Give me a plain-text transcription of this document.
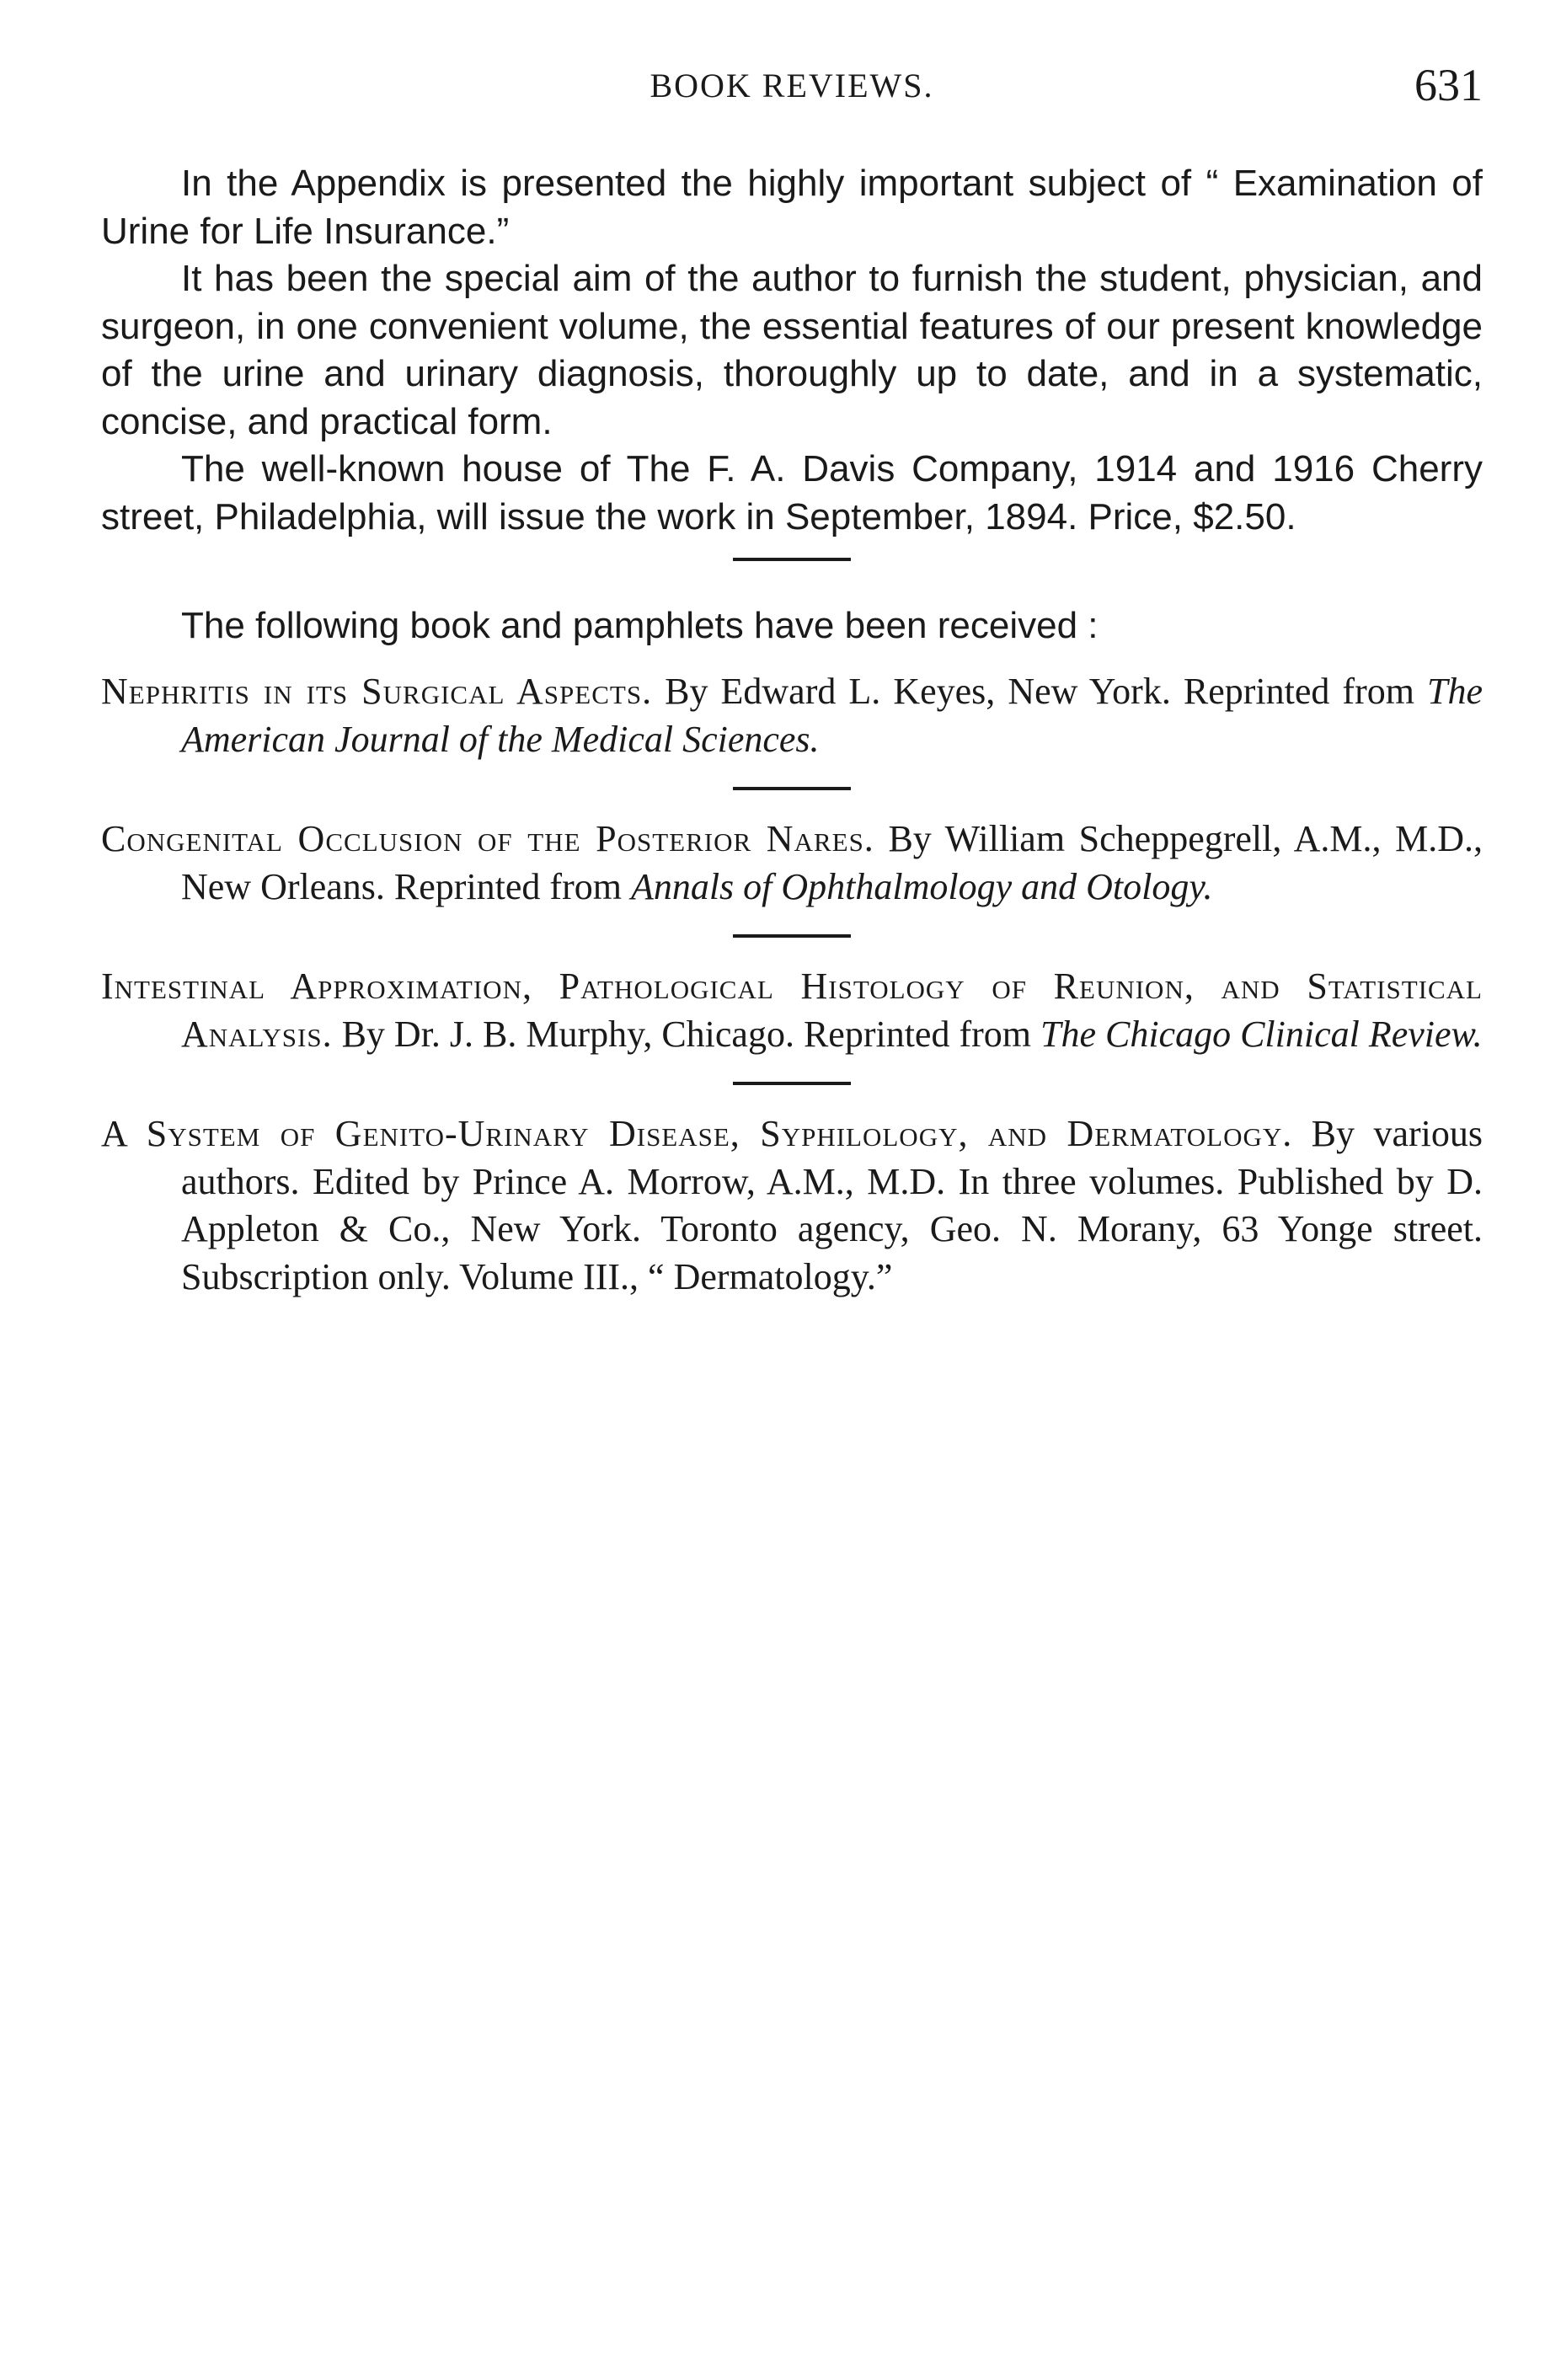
BOOK REVIEWS.	631

In the Appendix is presented the highly important subject of “ Examination of Urine for Life Insurance.”

It has been the special aim of the author to furnish the student, physician, and surgeon, in one convenient volume, the essential features of our present knowledge of the urine and urinary diagnosis, thoroughly up to date, and in a systematic, concise, and practical form.

The well-known house of The F. A. Davis Company, 1914 and 1916 Cherry street, Philadelphia, will issue the work in September, 1894. Price, $2.50.

The following book and pamphlets have been received :

Nephritis in its Surgical Aspects. By Edward L. Keyes, New York. Reprinted from The American Journal of the Medical Sciences.

Congenital Occlusion of the Posterior Nares. By William Scheppegrell, A.M., M.D., New Orleans. Reprinted from Annals of Ophthalmology and Otology.

Intestinal Approximation, Pathological Histology of Reunion, and Statistical Analysis. By Dr. J. B. Murphy, Chicago. Reprinted from The Chicago Clinical Review.

A System of Genito-Urinary Disease, Syphilology, and Dermatology. By various authors. Edited by Prince A. Morrow, A.M., M.D. In three volumes. Published by D. Appleton & Co., New York. Toronto agency, Geo. N. Morany, 63 Yonge street. Subscription only. Volume III., “ Dermatology.”
